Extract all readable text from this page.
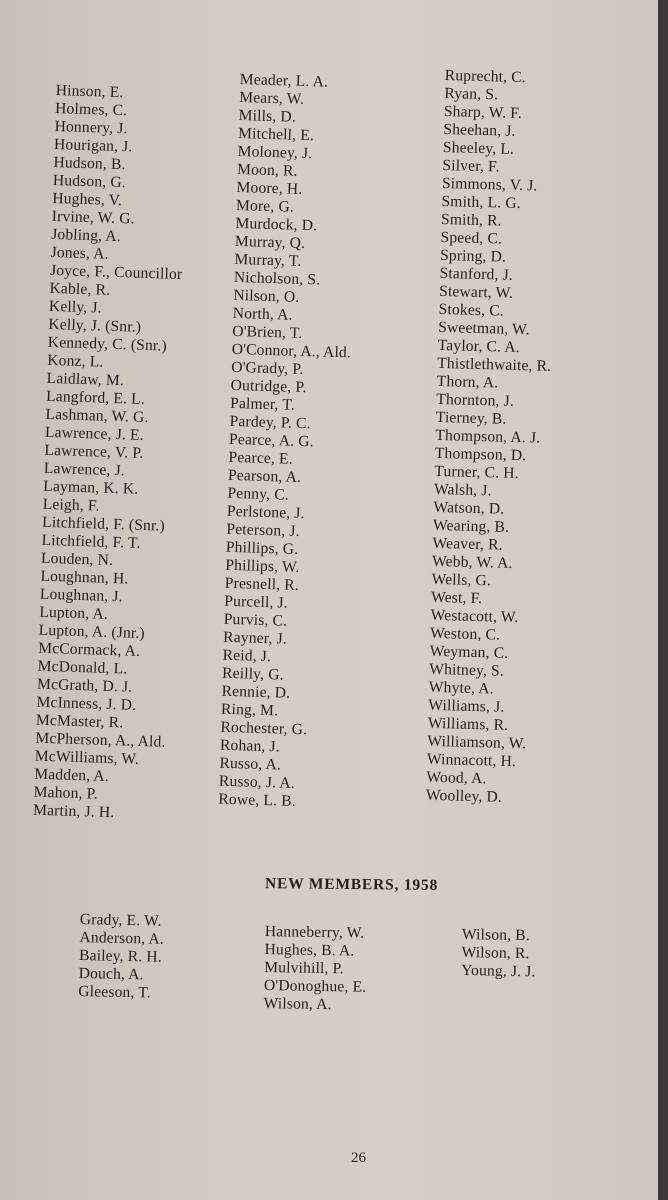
Hinson, E.
Holmes, C.
Honnery, J.
Hourigan, J.
Hudson, B.
Hudson, G.
Hughes, V.
Irvine, W. G.
Jobling, A.
Jones, A.
Joyce, F., Councillor
Kable, R.
Kelly, J.
Kelly, J. (Snr.)
Kennedy, C. (Snr.)
Konz, L.
Laidlaw, M.
Langford, E. L.
Lashman, W. G.
Lawrence, J. E.
Lawrence, V. P.
Lawrence, J.
Layman, K. K.
Leigh, F.
Litchfield, F. (Snr.)
Litchfield, F. T.
Louden, N.
Loughnan, H.
Loughnan, J.
Lupton, A.
Lupton, A. (Jnr.)
McCormack, A.
McDonald, L.
McGrath, D. J.
McInness, J. D.
McMaster, R.
McPherson, A., Ald.
McWilliams, W.
Madden, A.
Mahon, P.
Martin, J. H.
Meader, L. A.
Mears, W.
Mills, D.
Mitchell, E.
Moloney, J.
Moon, R.
Moore, H.
More, G.
Murdock, D.
Murray, Q.
Murray, T.
Nicholson, S.
Nilson, O.
North, A.
O'Brien, T.
O'Connor, A., Ald.
O'Grady, P.
Outridge, P.
Palmer, T.
Pardey, P. C.
Pearce, A. G.
Pearce, E.
Pearson, A.
Penny, C.
Perlstone, J.
Peterson, J.
Phillips, G.
Phillips, W.
Presnell, R.
Purcell, J.
Purvis, C.
Rayner, J.
Reid, J.
Reilly, G.
Rennie, D.
Ring, M.
Rochester, G.
Rohan, J.
Russo, A.
Russo, J. A.
Rowe, L. B.
Ruprecht, C.
Ryan, S.
Sharp, W. F.
Sheehan, J.
Sheeley, L.
Silver, F.
Simmons, V. J.
Smith, L. G.
Smith, R.
Speed, C.
Spring, D.
Stanford, J.
Stewart, W.
Stokes, C.
Sweetman, W.
Taylor, C. A.
Thistlethwaite, R.
Thorn, A.
Thornton, J.
Tierney, B.
Thompson, A. J.
Thompson, D.
Turner, C. H.
Walsh, J.
Watson, D.
Wearing, B.
Weaver, R.
Webb, W. A.
Wells, G.
West, F.
Westacott, W.
Weston, C.
Weyman, C.
Whitney, S.
Whyte, A.
Williams, J.
Williams, R.
Williamson, W.
Winnacott, H.
Wood, A.
Woolley, D.
NEW MEMBERS, 1958
Grady, E. W.
Anderson, A.
Bailey, R. H.
Douch, A.
Gleeson, T.
Hanneberry, W.
Hughes, B. A.
Mulvihill, P.
O'Donoghue, E.
Wilson, A.
Wilson, B.
Wilson, R.
Young, J. J.
26
